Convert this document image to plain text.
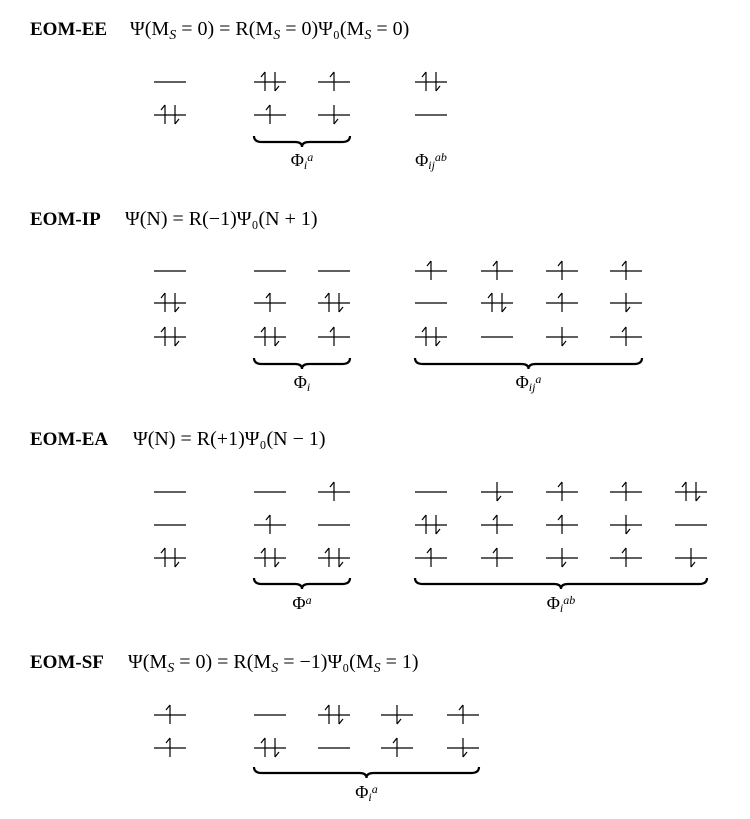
EOM-EE Ψ(MS = 0) = R(MS = 0)Ψ₀(MS = 0)
Φia	Φijab
EOM-IP Ψ(N) = R(−1)Ψ₀(N + 1)
Φi	Φija
EOM-EA Ψ(N) = R(+1)Ψ₀(N − 1)
Φa	Φiab
EOM-SF Ψ(MS = 0) = R(MS = −1)Ψ₀(MS = 1)
Φia
